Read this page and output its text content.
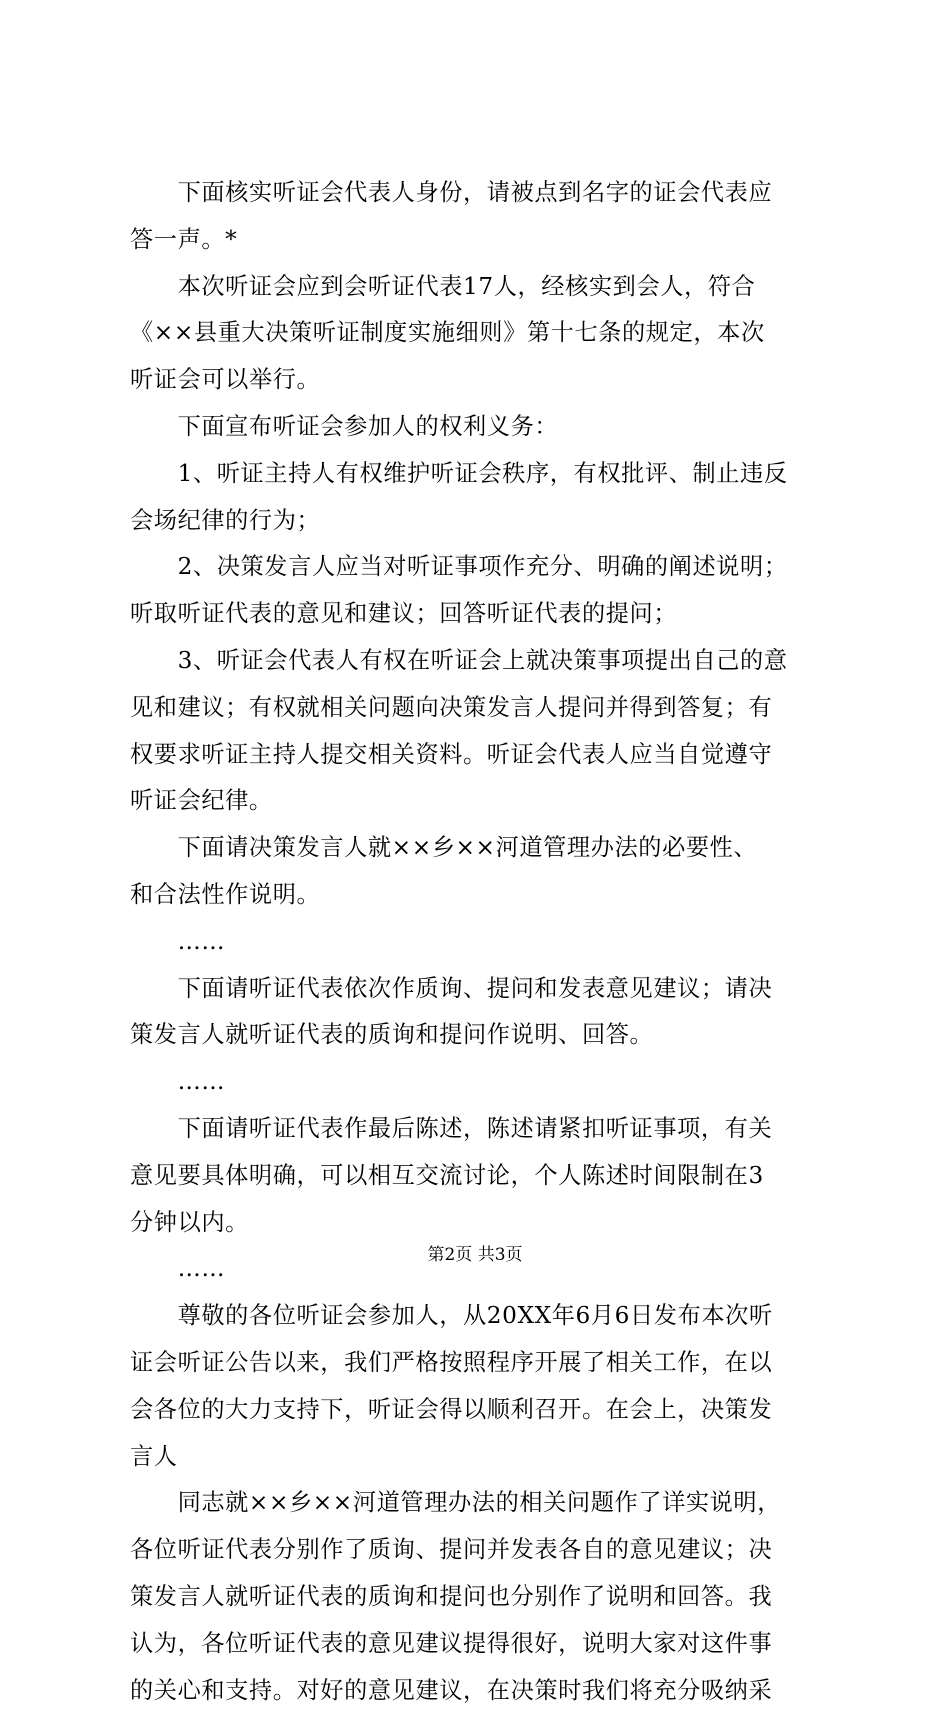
　　下面核实听证会代表人身份，请被点到名字的证会代表应
答一声。*
　　本次听证会应到会听证代表17人，经核实到会人，符合
《××县重大决策听证制度实施细则》第十七条的规定，本次
听证会可以举行。
　　下面宣布听证会参加人的权利义务：
　　1、听证主持人有权维护听证会秩序，有权批评、制止违反
会场纪律的行为；
　　2、决策发言人应当对听证事项作充分、明确的阐述说明；
听取听证代表的意见和建议；回答听证代表的提问；
　　3、听证会代表人有权在听证会上就决策事项提出自己的意
见和建议；有权就相关问题向决策发言人提问并得到答复；有
权要求听证主持人提交相关资料。听证会代表人应当自觉遵守
听证会纪律。
　　下面请决策发言人就××乡××河道管理办法的必要性、
和合法性作说明。
　　……
　　下面请听证代表依次作质询、提问和发表意见建议；请决
策发言人就听证代表的质询和提问作说明、回答。
　　……
　　下面请听证代表作最后陈述，陈述请紧扣听证事项，有关
意见要具体明确，可以相互交流讨论，个人陈述时间限制在3
分钟以内。
　　……
　　尊敬的各位听证会参加人，从20XX年6月6日发布本次听
证会听证公告以来，我们严格按照程序开展了相关工作，在以
会各位的大力支持下，听证会得以顺利召开。在会上，决策发
言人
　　同志就××乡××河道管理办法的相关问题作了详实说明，
各位听证代表分别作了质询、提问并发表各自的意见建议；决
策发言人就听证代表的质询和提问也分别作了说明和回答。我
认为，各位听证代表的意见建议提得很好，说明大家对这件事
的关心和支持。对好的意见建议，在决策时我们将充分吸纳采
第2页 共3页
